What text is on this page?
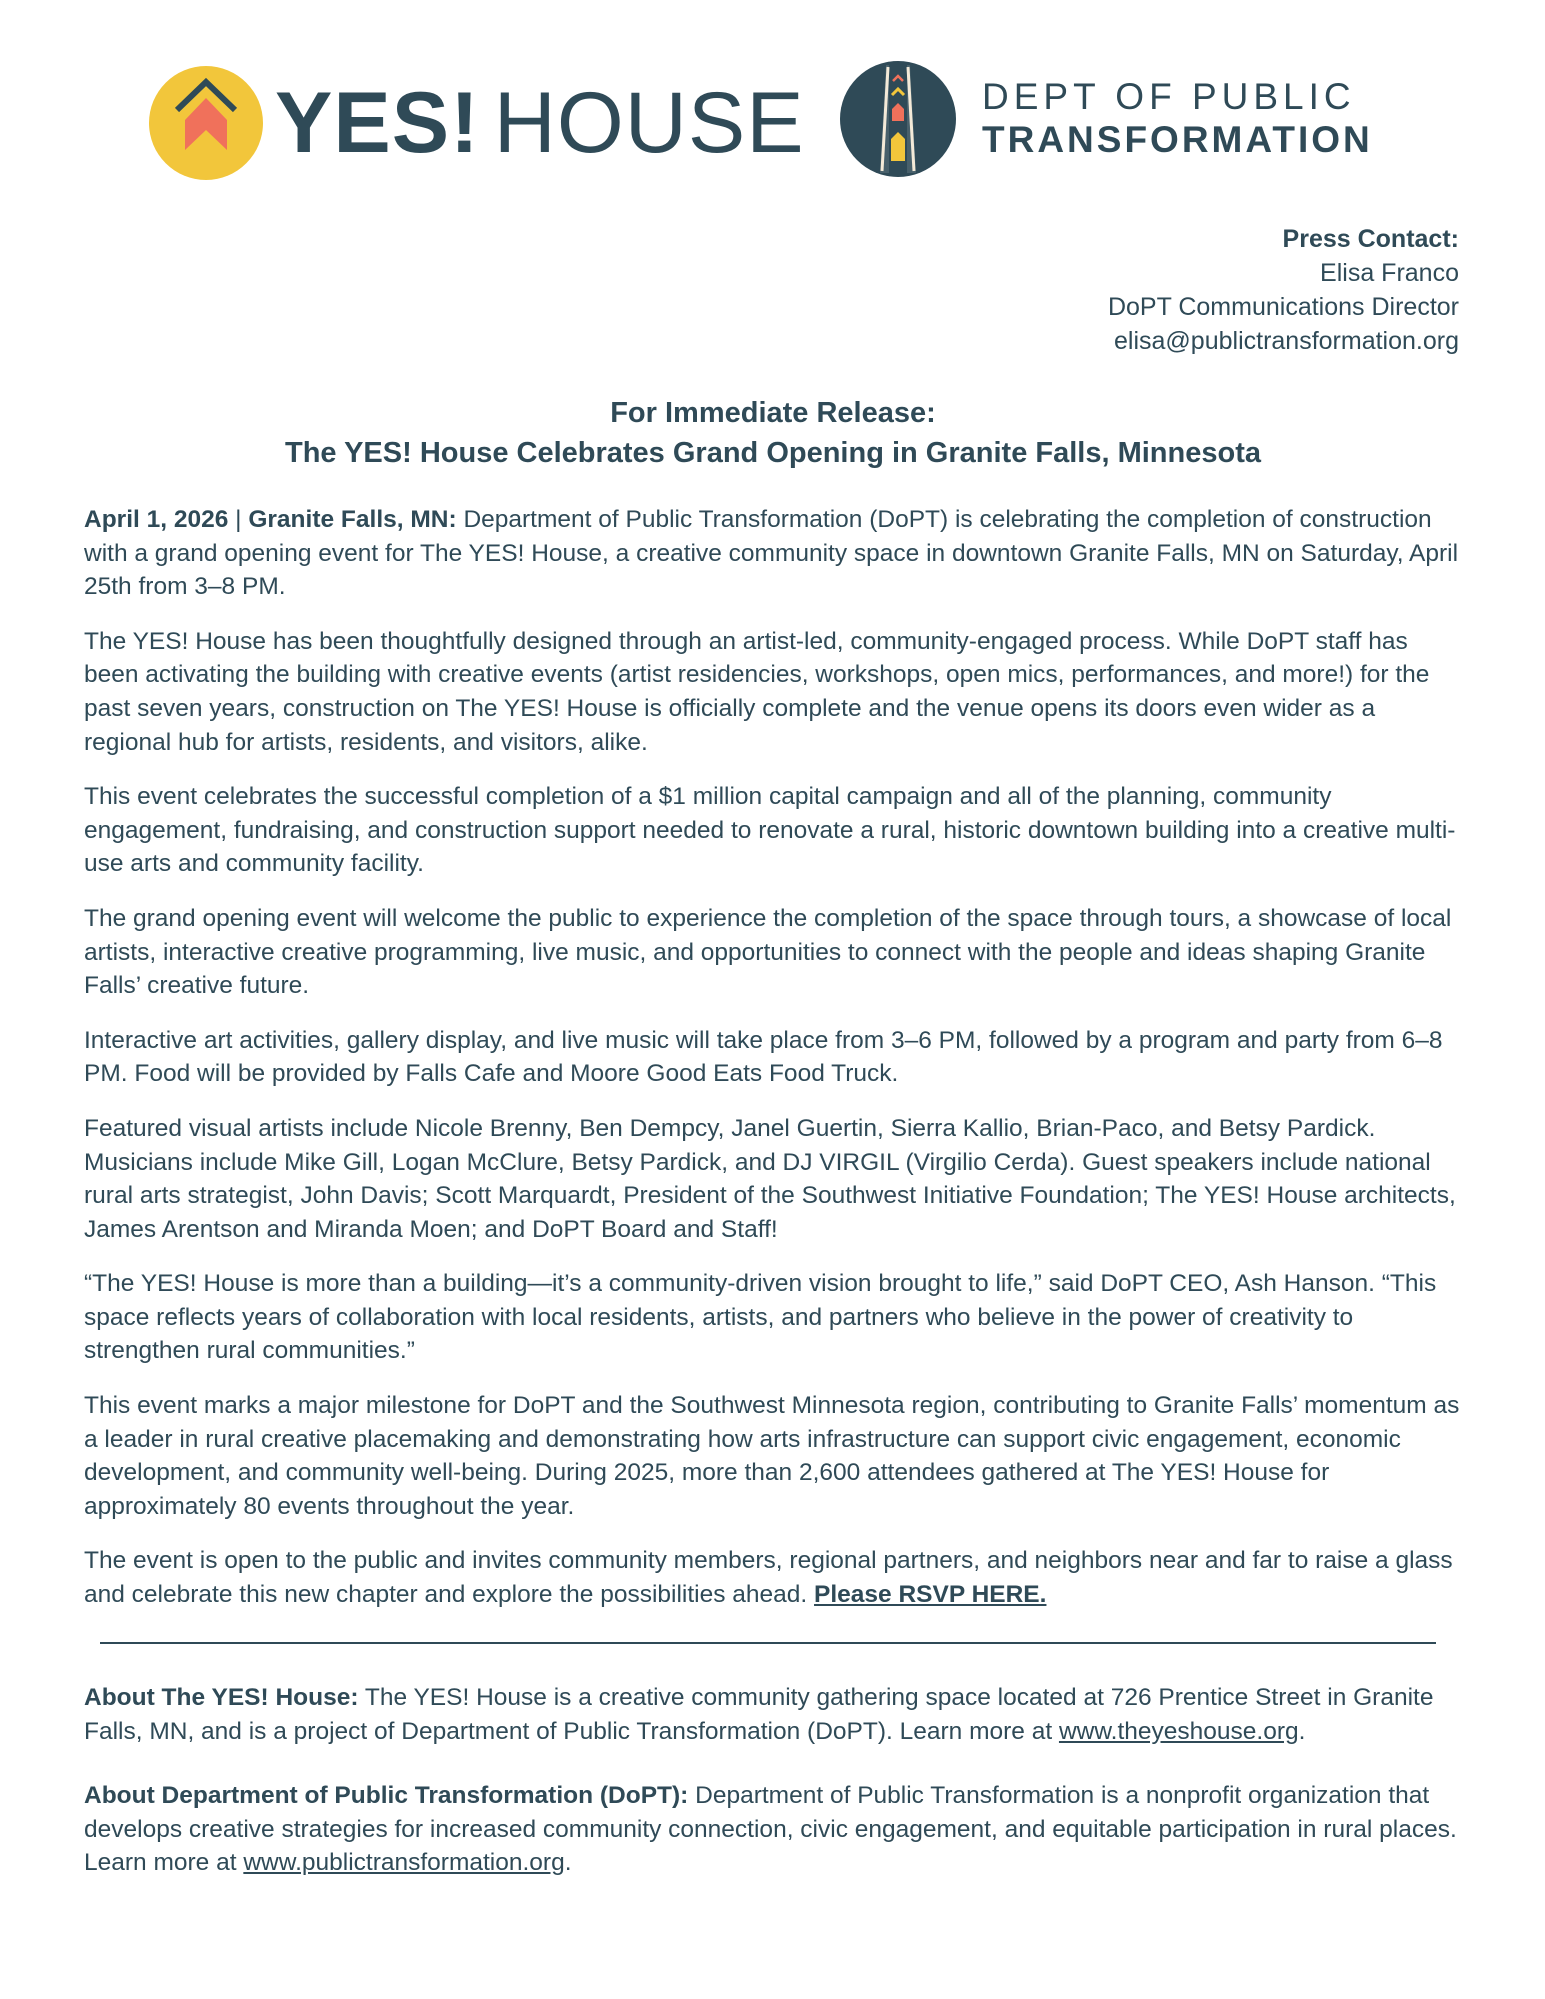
YES! HOUSE	DEPT OF PUBLIC
TRANSFORMATION
Press Contact:
Elisa Franco
DoPT Communications Director
elisa@publictransformation.org
For Immediate Release:
The YES! House Celebrates Grand Opening in Granite Falls, Minnesota

April 1, 2026 | Granite Falls, MN: Department of Public Transformation (DoPT) is celebrating the completion of construction with a grand opening event for The YES! House, a creative community space in downtown Granite Falls, MN on Saturday, April 25th from 3–8 PM.

The YES! House has been thoughtfully designed through an artist-led, community-engaged process. While DoPT staff has been activating the building with creative events (artist residencies, workshops, open mics, performances, and more!) for the past seven years, construction on The YES! House is officially complete and the venue opens its doors even wider as a regional hub for artists, residents, and visitors, alike.

This event celebrates the successful completion of a $1 million capital campaign and all of the planning, community engagement, fundraising, and construction support needed to renovate a rural, historic downtown building into a creative multi-use arts and community facility.

The grand opening event will welcome the public to experience the completion of the space through tours, a showcase of local artists, interactive creative programming, live music, and opportunities to connect with the people and ideas shaping Granite Falls’ creative future.

Interactive art activities, gallery display, and live music will take place from 3–6 PM, followed by a program and party from 6–8 PM. Food will be provided by Falls Cafe and Moore Good Eats Food Truck.

Featured visual artists include Nicole Brenny, Ben Dempcy, Janel Guertin, Sierra Kallio, Brian-Paco, and Betsy Pardick. Musicians include Mike Gill, Logan McClure, Betsy Pardick, and DJ VIRGIL (Virgilio Cerda). Guest speakers include national rural arts strategist, John Davis; Scott Marquardt, President of the Southwest Initiative Foundation; The YES! House architects, James Arentson and Miranda Moen; and DoPT Board and Staff!

“The YES! House is more than a building—it’s a community-driven vision brought to life,” said DoPT CEO, Ash Hanson. “This space reflects years of collaboration with local residents, artists, and partners who believe in the power of creativity to strengthen rural communities.”

This event marks a major milestone for DoPT and the Southwest Minnesota region, contributing to Granite Falls’ momentum as a leader in rural creative placemaking and demonstrating how arts infrastructure can support civic engagement, economic development, and community well-being. During 2025, more than 2,600 attendees gathered at The YES! House for approximately 80 events throughout the year.

The event is open to the public and invites community members, regional partners, and neighbors near and far to raise a glass and celebrate this new chapter and explore the possibilities ahead. Please RSVP HERE.

About The YES! House: The YES! House is a creative community gathering space located at 726 Prentice Street in Granite Falls, MN, and is a project of Department of Public Transformation (DoPT). Learn more at www.theyeshouse.org.

About Department of Public Transformation (DoPT): Department of Public Transformation is a nonprofit organization that develops creative strategies for increased community connection, civic engagement, and equitable participation in rural places. Learn more at www.publictransformation.org.
